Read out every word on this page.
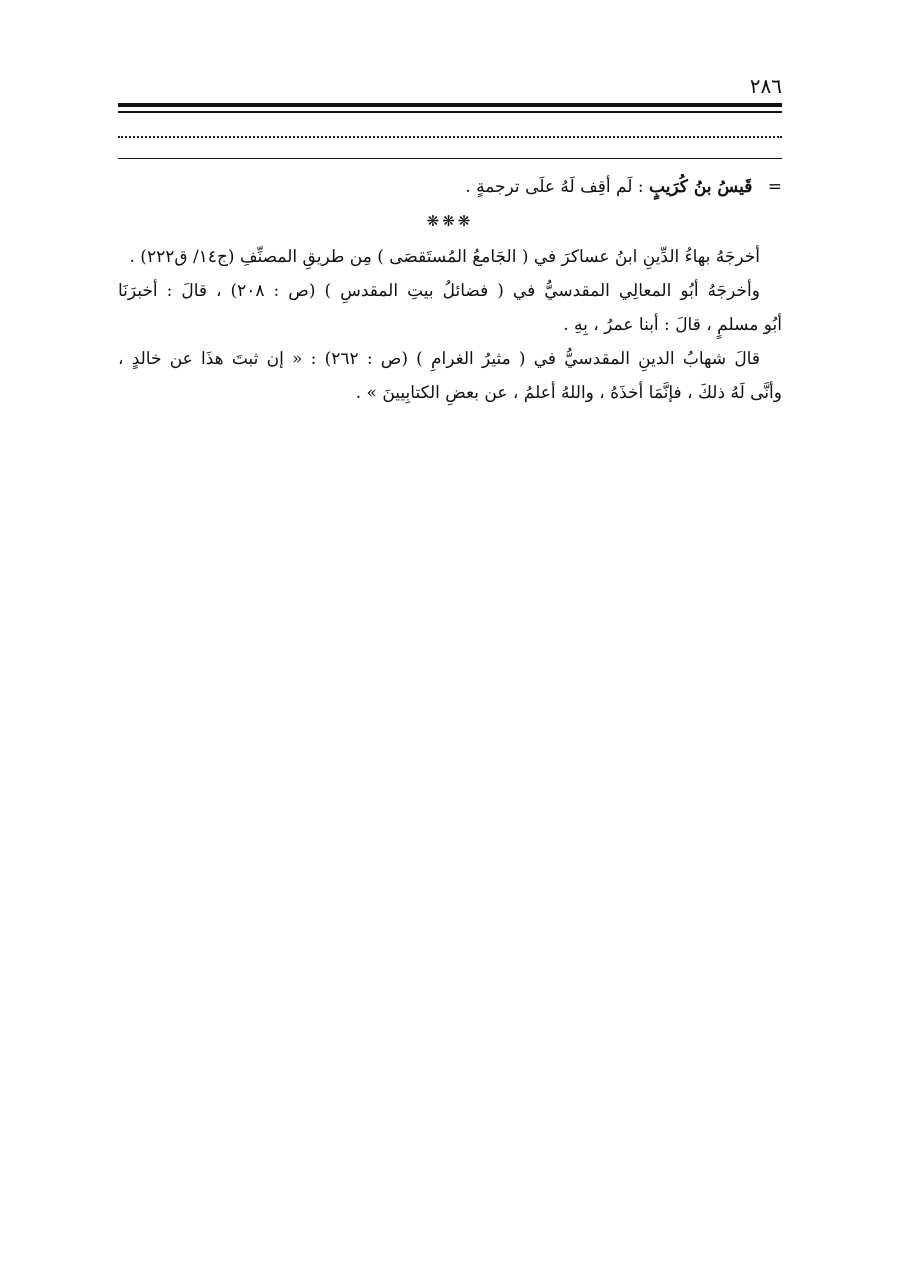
٢٨٦
= قَيسُ بنُ كُرَيبٍ : لَم أقِف لَهُ علَى ترجمةٍ .
❋❋❋
أخرجَهُ بهاءُ الدِّينِ ابنُ عساكرَ في ( الجَامعُ المُستَقصَى ) مِن طريقِ المصنِّفِ (ج١٤/ ق٢٢٢) .
وأخرجَهُ أبُو المعالِي المقدسيُّ في ( فضائلُ بيتِ المقدسِ ) (ص : ٢٠٨) ، قالَ : أخبرَنَا
أبُو مسلمٍ ، قالَ : أبنا عمرُ ، بِهِ .
قالَ شهابُ الدينِ المقدسيُّ في ( مثيرُ الغرامِ ) (ص : ٢٦٢) : « إن ثبتَ هذَا عن خالدٍ ،
وأنَّى لَهُ ذلكَ ، فإنَّمَا أخذَهُ ، واللهُ أعلمُ ، عن بعضِ الكتابِيينَ » .
